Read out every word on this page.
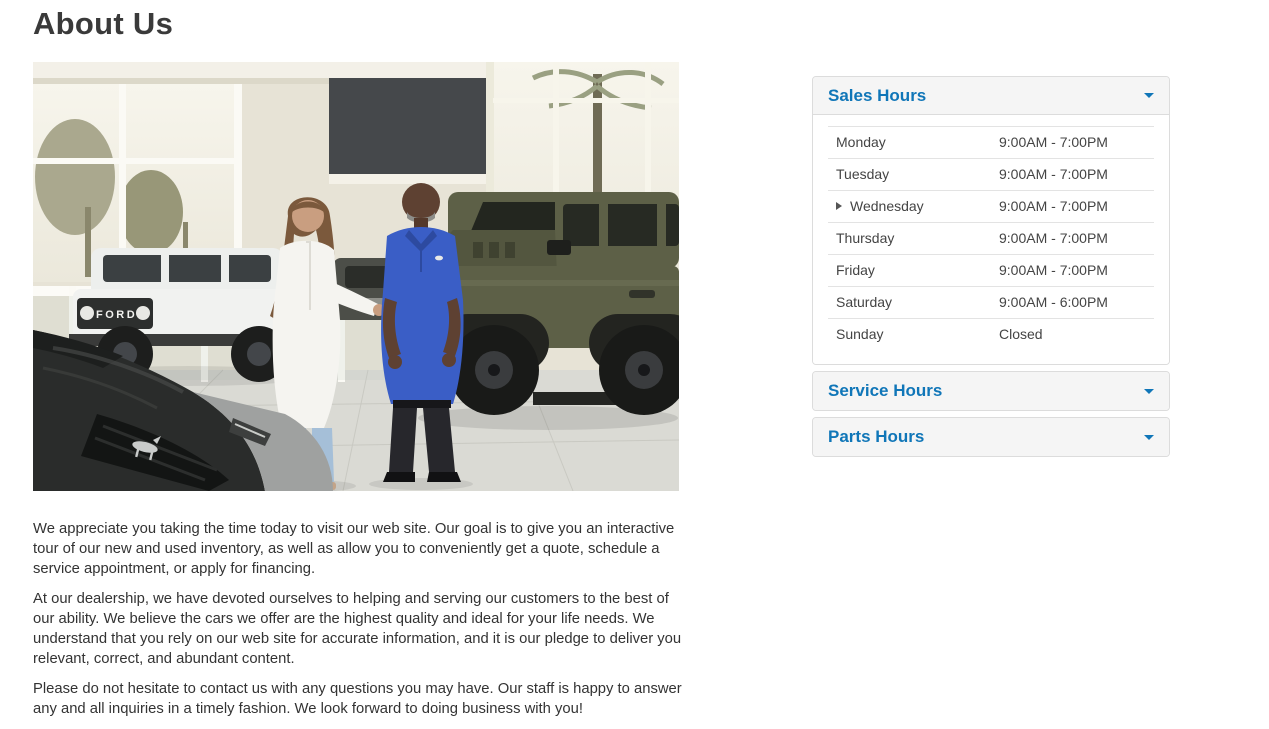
About Us
FORD

We appreciate you taking the time today to visit our web site. Our goal is to give you an interactive tour of our new and used inventory, as well as allow you to conveniently get a quote, schedule a service appointment, or apply for financing.

At our dealership, we have devoted ourselves to helping and serving our customers to the best of our ability. We believe the cars we offer are the highest quality and ideal for your life needs. We understand that you rely on our web site for accurate information, and it is our pledge to deliver you relevant, correct, and abundant content.

Please do not hesitate to contact us with any questions you may have. Our staff is happy to answer any and all inquiries in a timely fashion. We look forward to doing business with you!

Sales Hours
Monday	9:00AM - 7:00PM
Tuesday	9:00AM - 7:00PM
Wednesday	9:00AM - 7:00PM
Thursday	9:00AM - 7:00PM
Friday	9:00AM - 7:00PM
Saturday	9:00AM - 6:00PM
Sunday	Closed
Service Hours
Parts Hours
